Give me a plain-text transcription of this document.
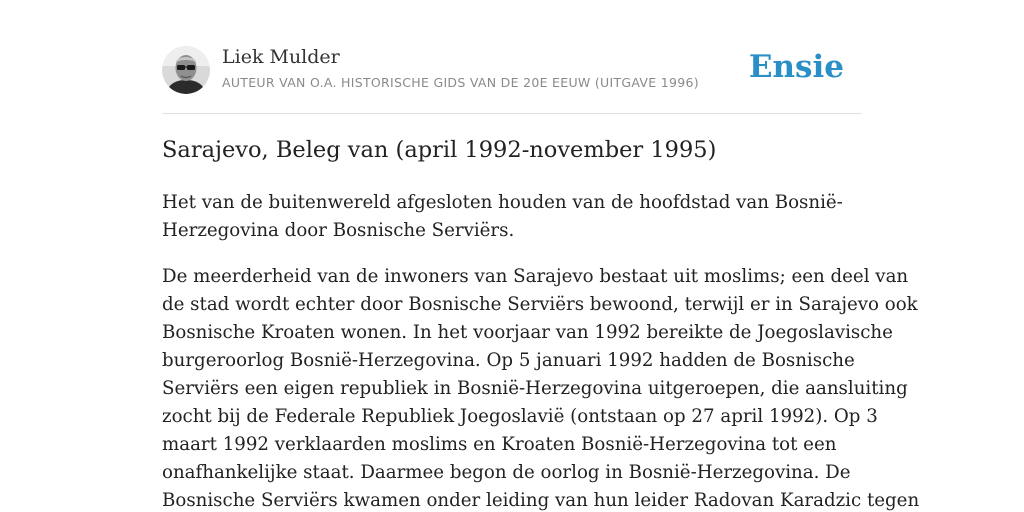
Liek Mulder
AUTEUR VAN O.A. HISTORISCHE GIDS VAN DE 20E EEUW (UITGAVE 1996) Ensie
Sarajevo, Beleg van (april 1992-november 1995)

Het van de buitenwereld afgesloten houden van de hoofdstad van Bosnië-
Herzegovina door Bosnische Serviërs.

De meerderheid van de inwoners van Sarajevo bestaat uit moslims; een deel van
de stad wordt echter door Bosnische Serviërs bewoond, terwijl er in Sarajevo ook
Bosnische Kroaten wonen. In het voorjaar van 1992 bereikte de Joegoslavische
burgeroorlog Bosnië-Herzegovina. Op 5 januari 1992 hadden de Bosnische
Serviërs een eigen republiek in Bosnië-Herzegovina uitgeroepen, die aansluiting
zocht bij de Federale Republiek Joegoslavië (ontstaan op 27 april 1992). Op 3
maart 1992 verklaarden moslims en Kroaten Bosnië-Herzegovina tot een
onafhankelijke staat. Daarmee begon de oorlog in Bosnië-Herzegovina. De
Bosnische Serviërs kwamen onder leiding van hun leider Radovan Karadzic tegen
